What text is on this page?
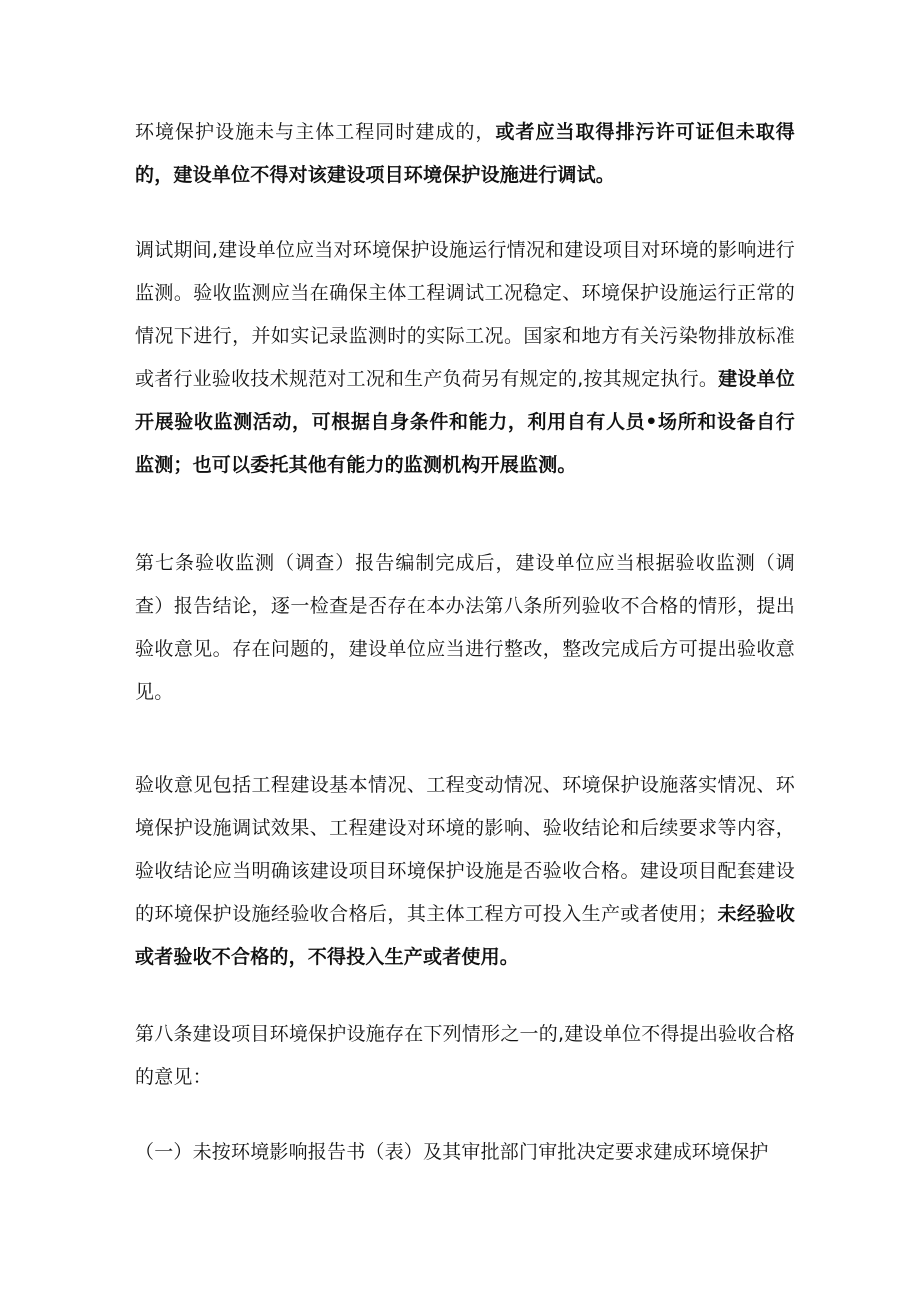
环境保护设施未与主体工程同时建成的，或者应当取得排污许可证但未取得的，建设单位不得对该建设项目环境保护设施进行调试。

调试期间,建设单位应当对环境保护设施运行情况和建设项目对环境的影响进行监测。验收监测应当在确保主体工程调试工况稳定、环境保护设施运行正常的情况下进行，并如实记录监测时的实际工况。国家和地方有关污染物排放标准或者行业验收技术规范对工况和生产负荷另有规定的,按其规定执行。建设单位开展验收监测活动，可根据自身条件和能力，利用自有人员•场所和设备自行监测；也可以委托其他有能力的监测机构开展监测。

第七条验收监测（调查）报告编制完成后，建设单位应当根据验收监测（调查）报告结论，逐一检查是否存在本办法第八条所列验收不合格的情形，提出验收意见。存在问题的，建设单位应当进行整改，整改完成后方可提出验收意见。

验收意见包括工程建设基本情况、工程变动情况、环境保护设施落实情况、环境保护设施调试效果、工程建设对环境的影响、验收结论和后续要求等内容，验收结论应当明确该建设项目环境保护设施是否验收合格。建设项目配套建设的环境保护设施经验收合格后，其主体工程方可投入生产或者使用；未经验收或者验收不合格的，不得投入生产或者使用。

第八条建设项目环境保护设施存在下列情形之一的,建设单位不得提出验收合格的意见：

（一）未按环境影响报告书（表）及其审批部门审批决定要求建成环境保护
